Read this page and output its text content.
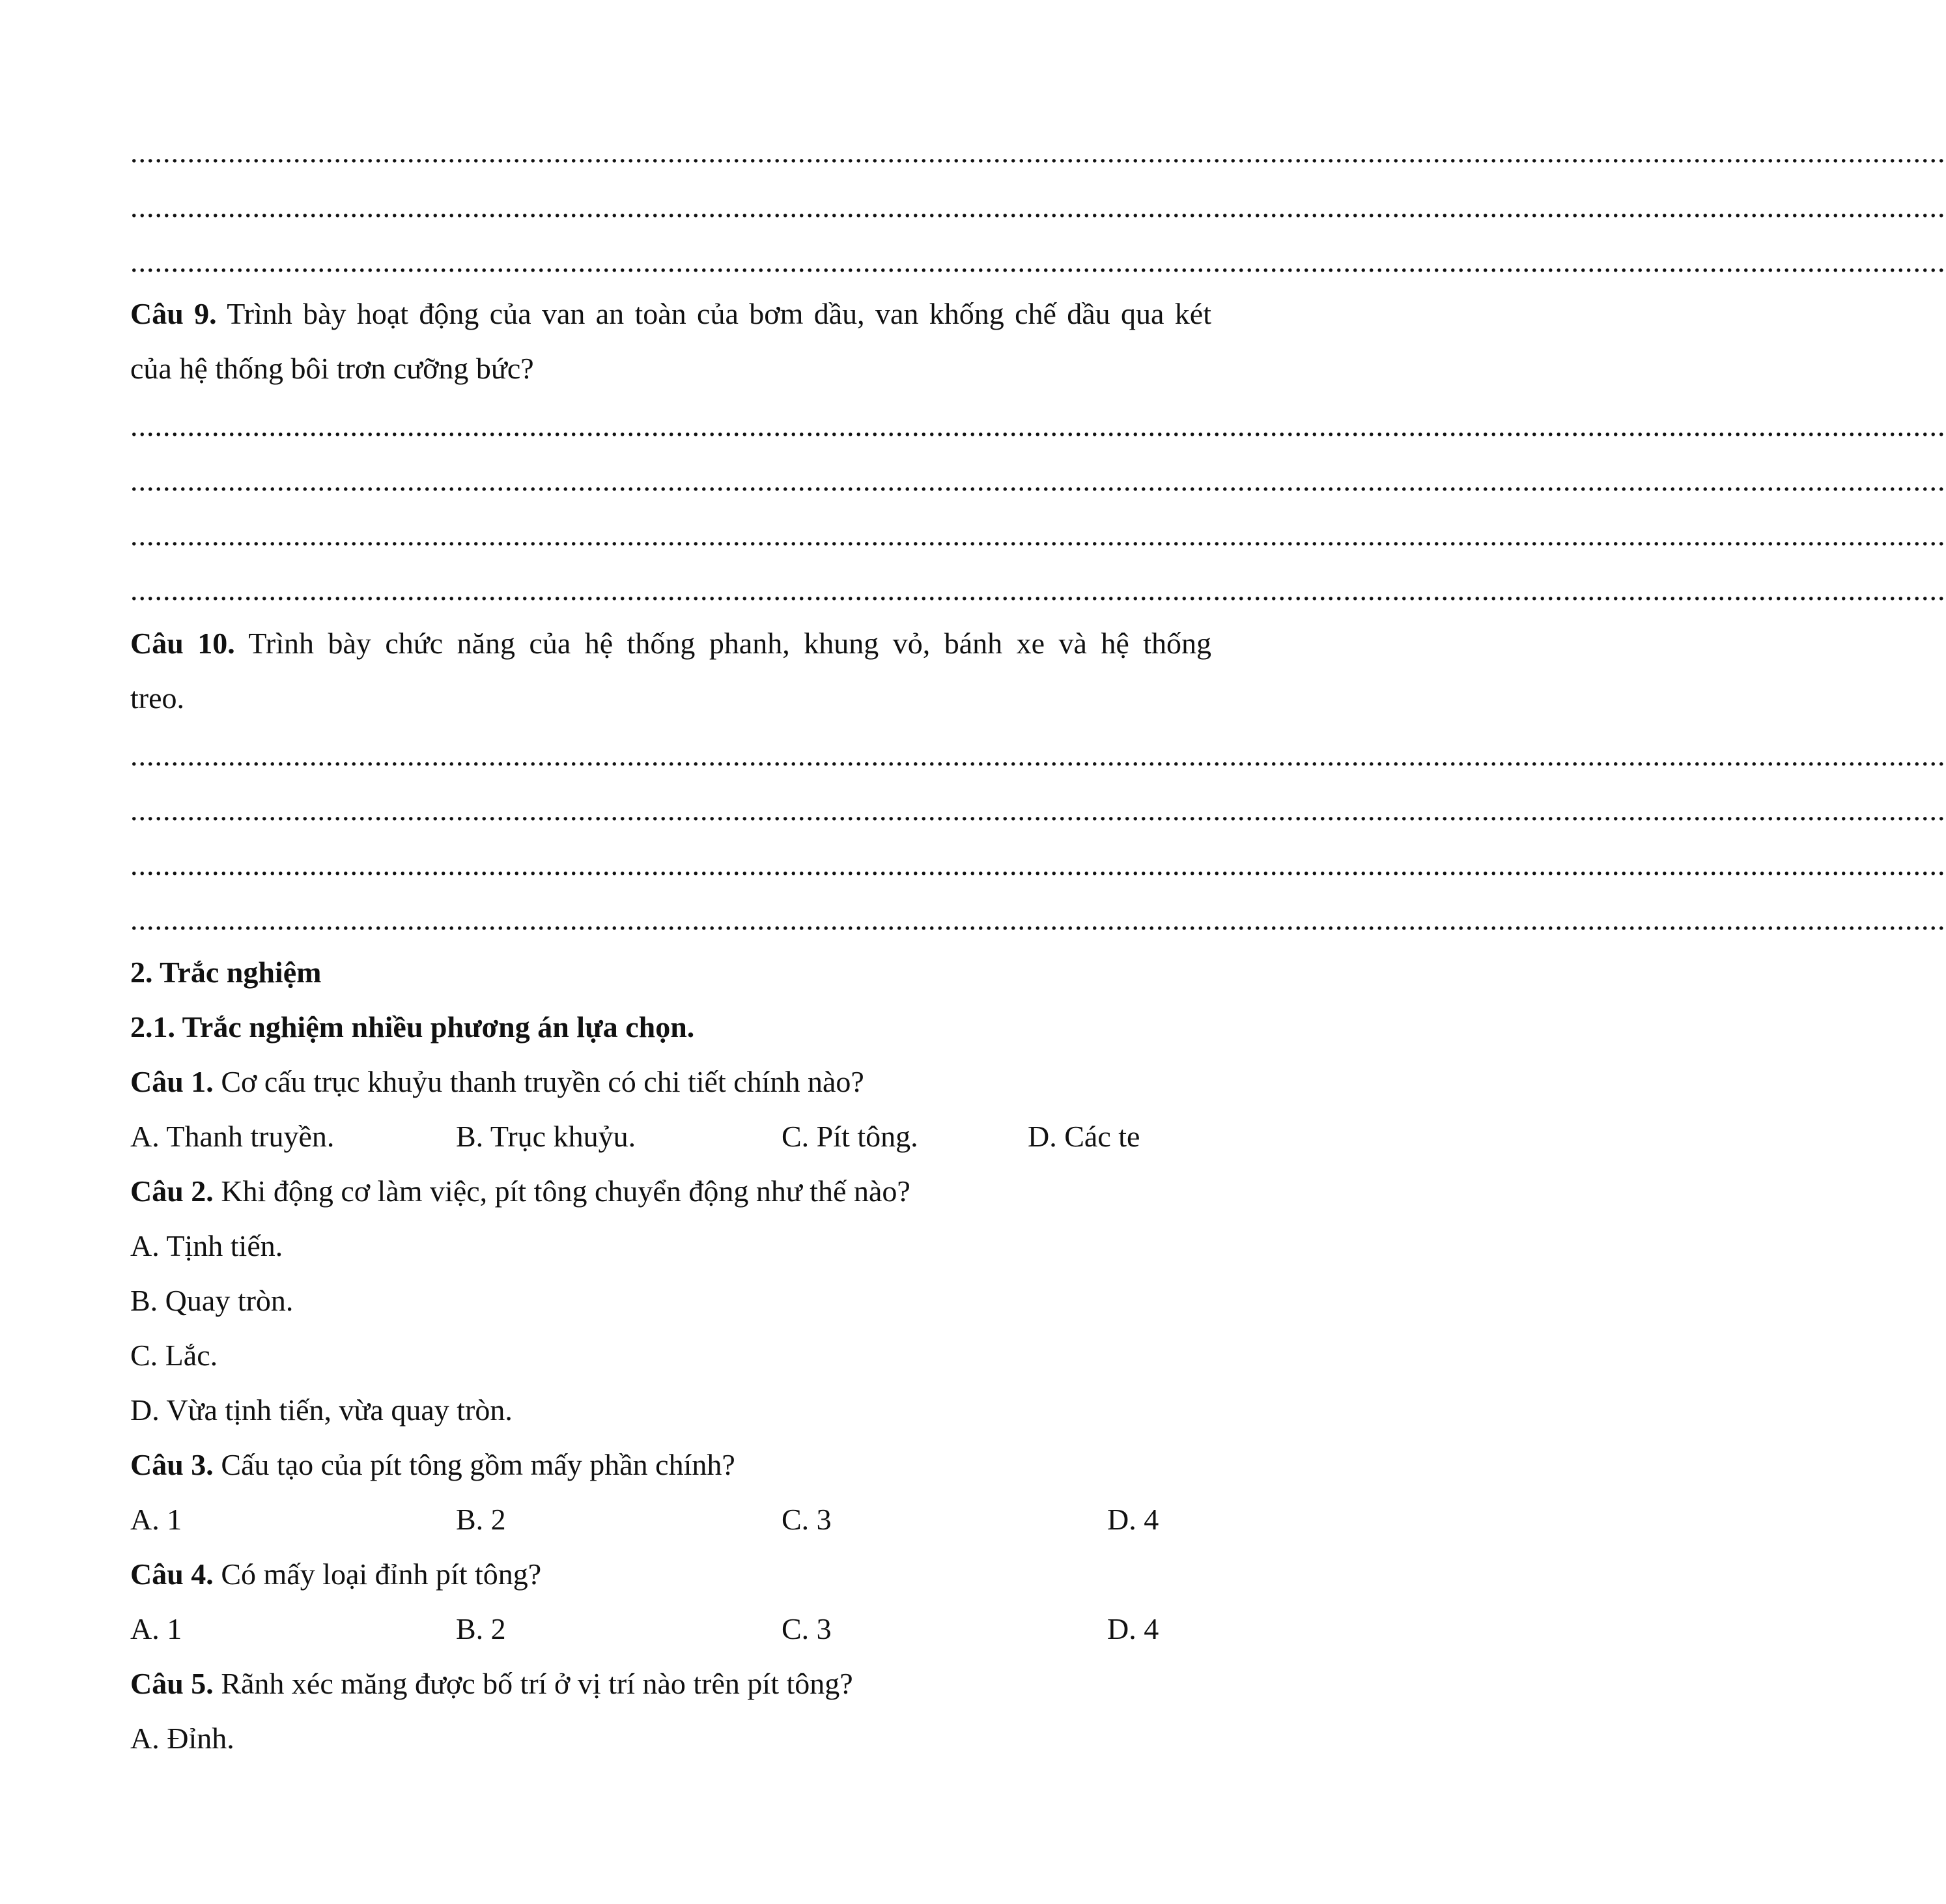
...............................................................................................................................................................................................................................
...............................................................................................................................................................................................................................
...............................................................................................................................................................................................................................
Câu 9. Trình bày hoạt động của van an toàn của bơm dầu, van khống chế dầu qua két
của hệ thống bôi trơn cưỡng bức?
...............................................................................................................................................................................................................................
...............................................................................................................................................................................................................................
...............................................................................................................................................................................................................................
...............................................................................................................................................................................................................................
Câu 10. Trình bày chức năng của hệ thống phanh, khung vỏ, bánh xe và hệ thống
treo.
...............................................................................................................................................................................................................................
...............................................................................................................................................................................................................................
...............................................................................................................................................................................................................................
...............................................................................................................................................................................................................................
2. Trắc nghiệm
2.1. Trắc nghiệm nhiều phương án lựa chọn.
Câu 1. Cơ cấu trục khuỷu thanh truyền có chi tiết chính nào?
A. Thanh truyền.	B. Trục khuỷu.	C. Pít tông.	D. Các te
Câu 2. Khi động cơ làm việc, pít tông chuyển động như thế nào?
A. Tịnh tiến.
B. Quay tròn.
C. Lắc.
D. Vừa tịnh tiến, vừa quay tròn.
Câu 3. Cấu tạo của pít tông gồm mấy phần chính?
A. 1	B. 2	C. 3	D. 4
Câu 4. Có mấy loại đỉnh pít tông?
A. 1	B. 2	C. 3	D. 4
Câu 5. Rãnh xéc măng được bố trí ở vị trí nào trên pít tông?
A. Đỉnh.
